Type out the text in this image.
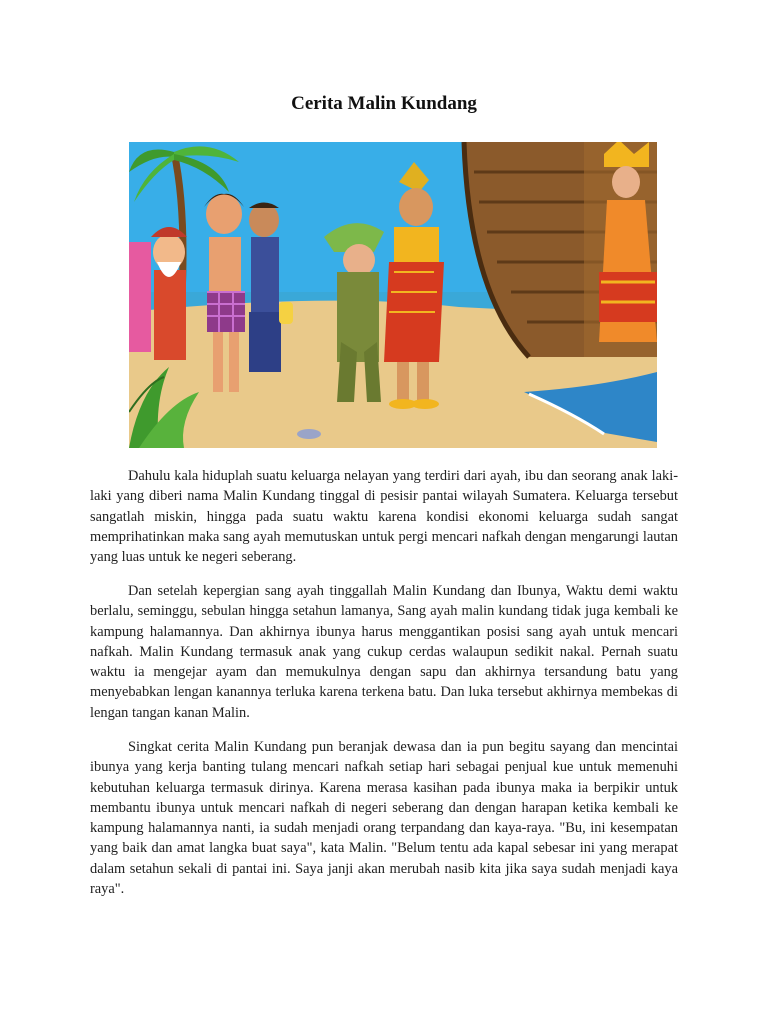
Cerita Malin Kundang

Dahulu kala hiduplah suatu keluarga nelayan yang terdiri dari ayah, ibu dan seorang anak laki-laki yang diberi nama Malin Kundang tinggal di pesisir pantai wilayah Sumatera. Keluarga tersebut sangatlah miskin, hingga pada suatu waktu karena kondisi ekonomi keluarga sudah sangat memprihatinkan maka sang ayah memutuskan untuk pergi mencari nafkah dengan mengarungi lautan yang luas untuk ke negeri seberang.

Dan setelah kepergian sang ayah tinggallah Malin Kundang dan Ibunya, Waktu demi waktu berlalu, seminggu, sebulan hingga setahun lamanya, Sang ayah malin kundang tidak juga kembali ke kampung halamannya. Dan akhirnya ibunya harus menggantikan posisi sang ayah untuk mencari nafkah. Malin Kundang termasuk anak yang cukup cerdas walaupun sedikit nakal. Pernah suatu waktu ia mengejar ayam dan memukulnya dengan sapu dan akhirnya tersandung batu yang menyebabkan lengan kanannya terluka karena terkena batu. Dan luka tersebut akhirnya membekas di lengan tangan kanan Malin.

Singkat cerita Malin Kundang pun beranjak dewasa dan ia pun begitu sayang dan mencintai ibunya yang kerja banting tulang mencari nafkah setiap hari sebagai penjual kue untuk memenuhi kebutuhan keluarga termasuk dirinya. Karena merasa kasihan pada ibunya maka ia berpikir untuk membantu ibunya untuk mencari nafkah di negeri seberang dan dengan harapan ketika kembali ke kampung halamannya nanti, ia sudah menjadi orang terpandang dan kaya-raya. "Bu, ini kesempatan yang baik dan amat langka buat saya", kata Malin. "Belum tentu ada kapal sebesar ini yang merapat dalam setahun sekali di pantai ini. Saya janji akan merubah nasib kita jika saya sudah menjadi kaya raya".
